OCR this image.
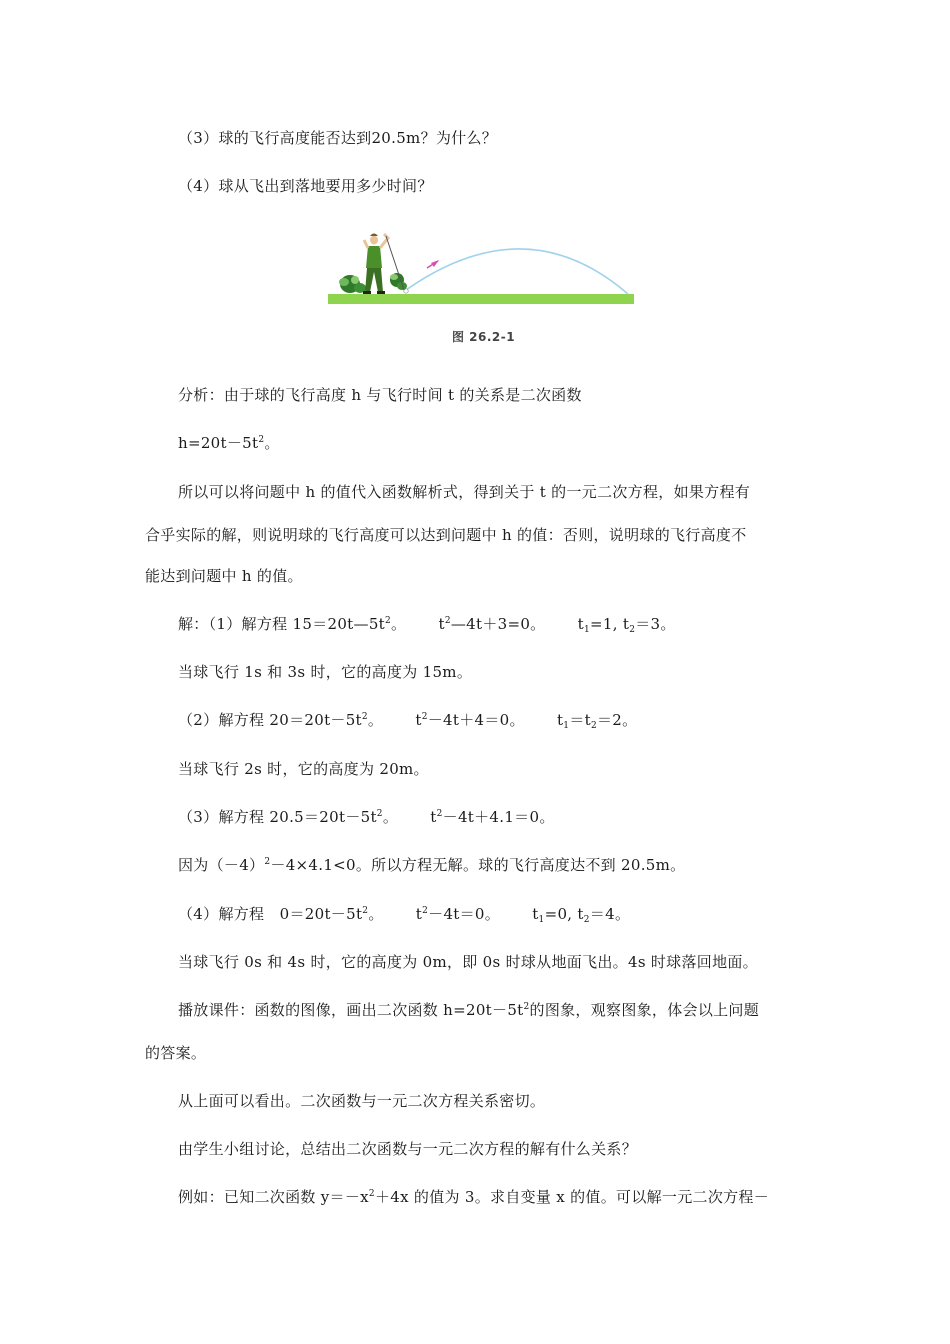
（3）球的飞行高度能否达到20.5m？为什么？
（4）球从飞出到落地要用多少时间？
图 26.2-1
分析：由于球的飞行高度 h 与飞行时间 t 的关系是二次函数
$h=20t-5t^2$。
所以可以将问题中 h 的值代入函数解析式，得到关于 t 的一元二次方程，如果方程有
合乎实际的解，则说明球的飞行高度可以达到问题中 h 的值：否则，说明球的飞行高度不
能达到问题中 h 的值。
解：（1）解方程 $15=20t—5t^2$。 $t^2—4t+3=0$。 $t_1=1$, $t_2=3$。
当球飞行 1s 和 3s 时，它的高度为 15m。
（2）解方程 $20=20t-5t^2$。 $t^2-4t+4=0$。 $t_1=t_2=2$。
当球飞行 2s 时，它的高度为 20m。
（3）解方程 $20.5=20t-5t^2$。 $t^2-4t+4.1=0$。
因为$(-4)^2-4\times 4.1<0$。所以方程无解。球的飞行高度达不到 20.5m。
（4）解方程　$0=20t-5t^2$。 $t^2-4t=0$。 $t_1=0$, $t_2=4$。
当球飞行 0s 和 4s 时，它的高度为 0m，即 0s 时球从地面飞出。4s 时球落回地面。
播放课件：函数的图像，画出二次函数 $h=20t-5t^2$的图象，观察图象，体会以上问题
的答案。
从上面可以看出。二次函数与一元二次方程关系密切。
由学生小组讨论，总结出二次函数与一元二次方程的解有什么关系？
例如：已知二次函数 $y=-x^2+4x$ 的值为 3。求自变量 x 的值。可以解一元二次方程－
